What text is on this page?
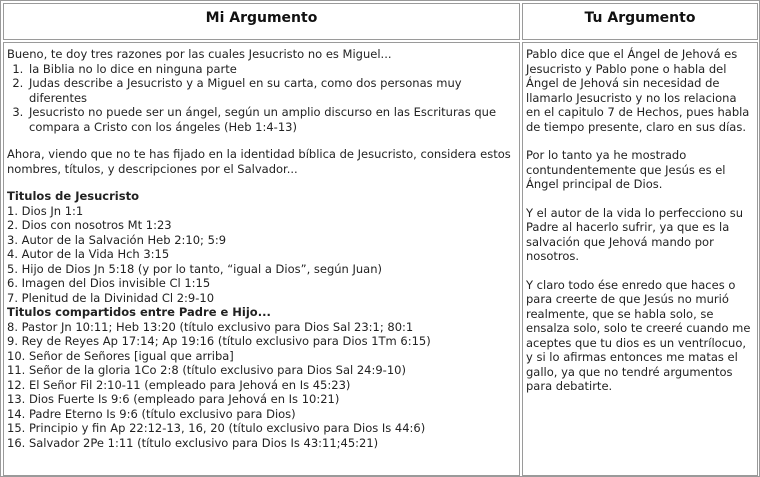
Mi Argumento	Tu Argumento

Bueno, te doy tres razones por las cuales Jesucristo no es Miguel...

1. la Biblia no lo dice en ninguna parte
2. Judas describe a Jesucristo y a Miguel en su carta, como dos personas muy diferentes
3. Jesucristo no puede ser un ángel, según un amplio discurso en las Escrituras que compara a Cristo con los ángeles (Heb 1:4-13)

Ahora, viendo que no te has fijado en la identidad bíblica de Jesucristo, considera estos nombres, títulos, y descripciones por el Salvador...

Titulos de Jesucristo

1. Dios Jn 1:1

2. Dios con nosotros Mt 1:23

3. Autor de la Salvación Heb 2:10; 5:9

4. Autor de la Vida Hch 3:15

5. Hijo de Dios Jn 5:18 (y por lo tanto, “igual a Dios”, según Juan)

6. Imagen del Dios invisible Cl 1:15

7. Plenitud de la Divinidad Cl 2:9-10

Titulos compartidos entre Padre e Hijo...

8. Pastor Jn 10:11; Heb 13:20 (título exclusivo para Dios Sal 23:1; 80:1

9. Rey de Reyes Ap 17:14; Ap 19:16 (título exclusivo para Dios 1Tm 6:15)

10. Señor de Señores [igual que arriba]

11. Señor de la gloria 1Co 2:8 (título exclusivo para Dios Sal 24:9-10)

12. El Señor Fil 2:10-11 (empleado para Jehová en Is 45:23)

13. Dios Fuerte Is 9:6 (empleado para Jehová en Is 10:21)

14. Padre Eterno Is 9:6 (título exclusivo para Dios)

15. Principio y fin Ap 22:12-13, 16, 20 (título exclusivo para Dios Is 44:6)

16. Salvador 2Pe 1:11 (título exclusivo para Dios Is 43:11;45:21)

Pablo dice que el Ángel de Jehová es Jesucristo y Pablo pone o habla del Ángel de Jehová sin necesidad de llamarlo Jesucristo y no los relaciona en el capitulo 7 de Hechos, pues habla de tiempo presente, claro en sus días.

Por lo tanto ya he mostrado contundentemente que Jesús es el Ángel principal de Dios.

Y el autor de la vida lo perfecciono su Padre al hacerlo sufrir, ya que es la salvación que Jehová mando por nosotros.

Y claro todo ése enredo que haces o para creerte de que Jesús no murió realmente, que se habla solo, se ensalza solo, solo te creeré cuando me aceptes que tu dios es un ventrílocuo, y si lo afirmas entonces me matas el gallo, ya que no tendré argumentos para debatirte.
